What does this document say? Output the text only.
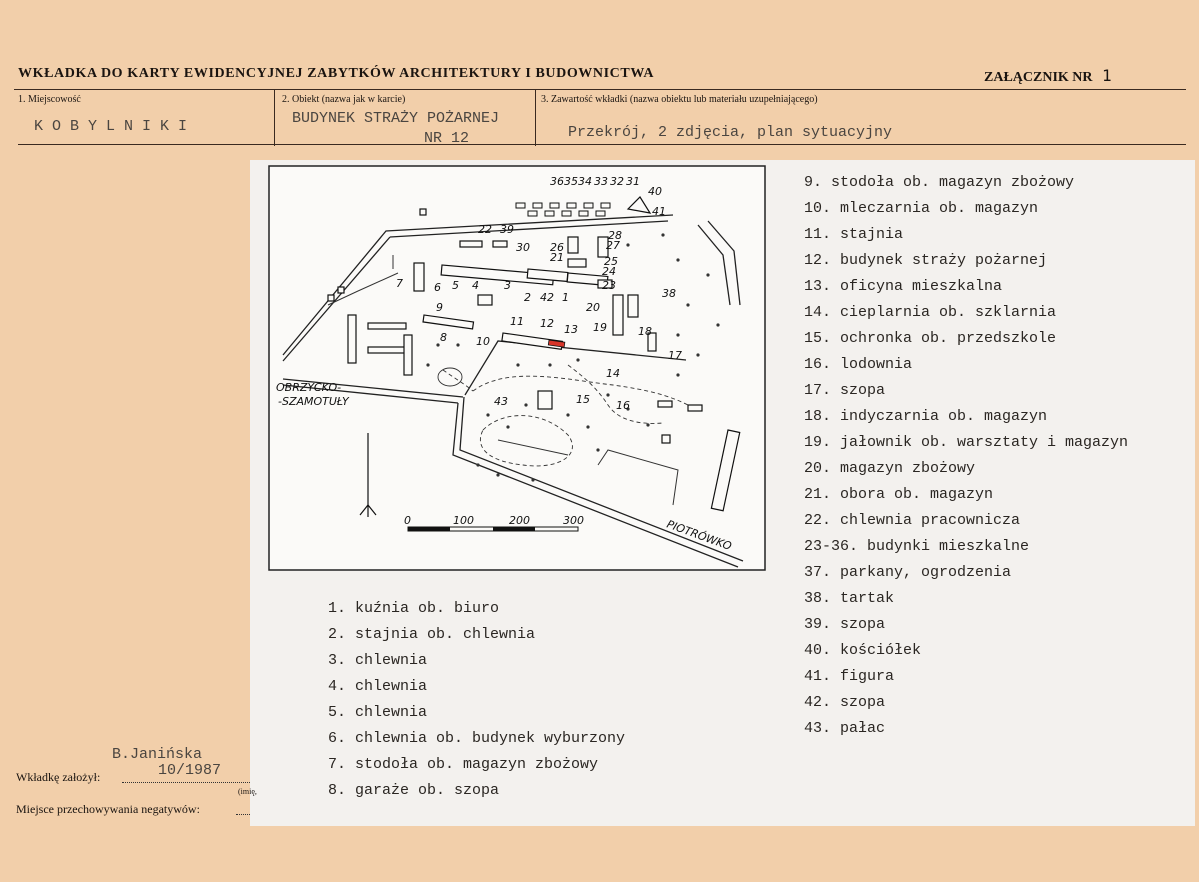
WKŁADKA DO KARTY EWIDENCYJNEJ ZABYTKÓW ARCHITEKTURY I BUDOWNICTWA	ZAŁĄCZNIK NR 1
1. Miejscowość
KOBYLNIKI
2. Obiekt (nazwa jak w karcie)
BUDYNEK STRAŻY POŻARNEJ
NR 12
3. Zawartość wkładki (nazwa obiektu lub materiału uzupełniającego)
Przekrój, 2 zdjęcia, plan sytuacyjny
0	100	200	300
OBRZYCKO-
-SZAMOTUŁY
PIOTRÓWKO
36 35 34 33 32 31
40
41
22 39
30 26
21
28
27
25
24
23
38
7	6 5 4 3
2 42 1
20
9
11 12 13 19	18
8	10
14
17
43	15 16
9. stodoła ob. magazyn zbożowy
10. mleczarnia ob. magazyn
11. stajnia
12. budynek straży pożarnej
13. oficyna mieszkalna
14. cieplarnia ob. szklarnia
15. ochronka ob. przedszkole
16. lodownia
17. szopa
18. indyczarnia ob. magazyn
19. jałownik ob. warsztaty i magazyn
20. magazyn zbożowy
21. obora ob. magazyn
22. chlewnia pracownicza
23-36. budynki mieszkalne
37. parkany, ogrodzenia
38. tartak
39. szopa
40. kościółek
41. figura
42. szopa
43. pałac
1. kuźnia ob. biuro
2. stajnia ob. chlewnia
3. chlewnia
4. chlewnia
5. chlewnia
6. chlewnia ob. budynek wyburzony
7. stodoła ob. magazyn zbożowy
8. garaże ob. szopa
B.Janińska
10/1987
Wkładkę założył:
(imię,
Miejsce przechowywania negatywów:
